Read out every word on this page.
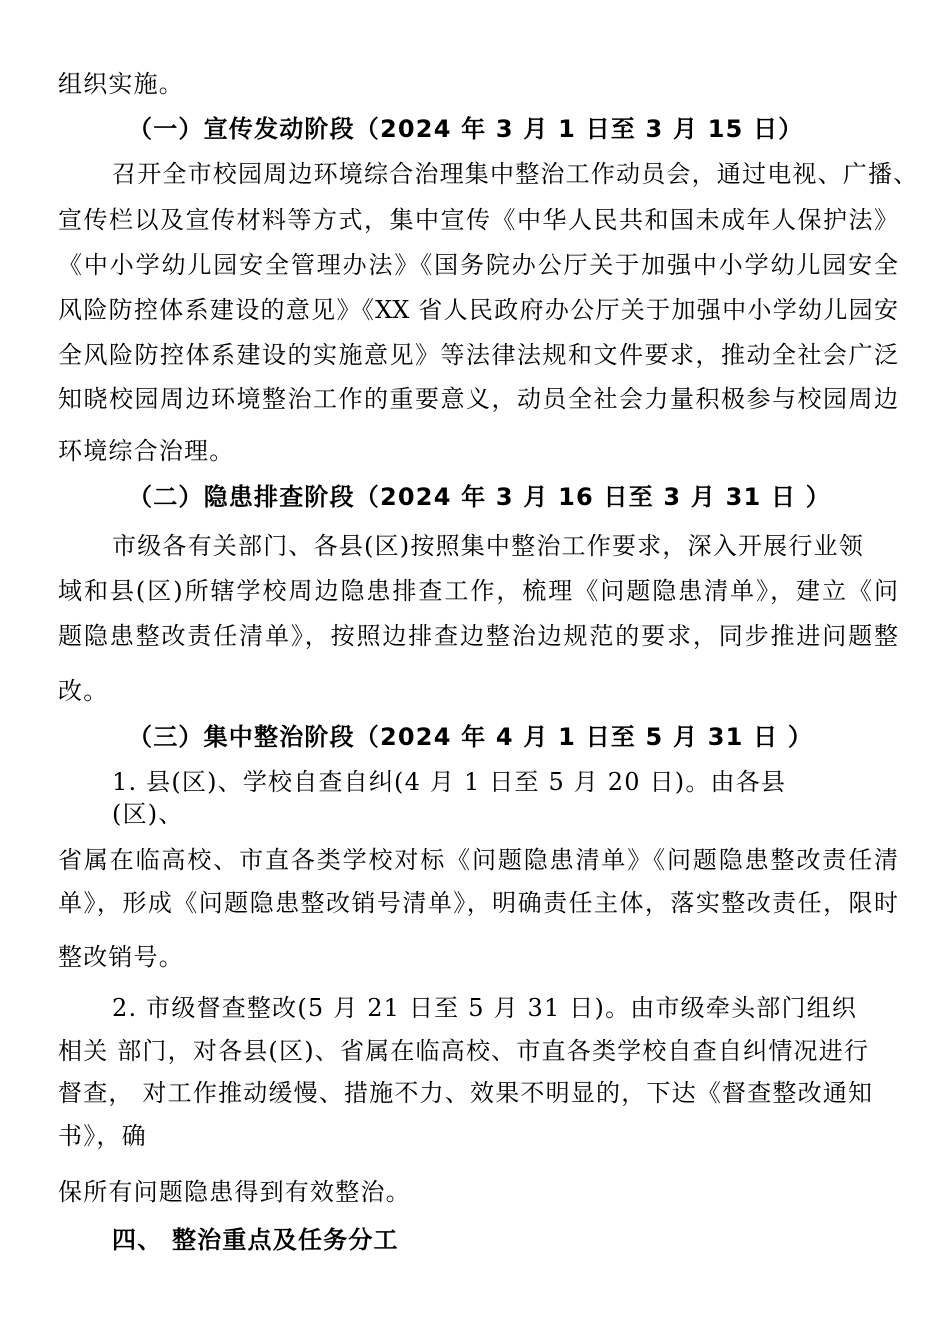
组织实施。
（一）宣传发动阶段（2024 年 3 月 1 日至 3 月 15 日）
召开全市校园周边环境综合治理集中整治工作动员会，通过电视、广播、
宣传栏以及宣传材料等方式，集中宣传《中华人民共和国未成年人保护法》
《中小学幼儿园安全管理办法》《国务院办公厅关于加强中小学幼儿园安全
风险防控体系建设的意见》《XX 省人民政府办公厅关于加强中小学幼儿园安
全风险防控体系建设的实施意见》等法律法规和文件要求，推动全社会广泛
知晓校园周边环境整治工作的重要意义，动员全社会力量积极参与校园周边
环境综合治理。
（二）隐患排查阶段（2024 年 3 月 16 日至 3 月 31 日 ）
市级各有关部门、各县(区)按照集中整治工作要求，深入开展行业领
域和县(区)所辖学校周边隐患排查工作，梳理《问题隐患清单》，建立《问
题隐患整改责任清单》，按照边排查边整治边规范的要求，同步推进问题整
改。
（三）集中整治阶段（2024 年 4 月 1 日至 5 月 31 日 ）
1. 县(区)、学校自查自纠(4 月 1 日至 5 月 20 日)。由各县
(区)、
省属在临高校、市直各类学校对标《问题隐患清单》《问题隐患整改责任清
单》，形成《问题隐患整改销号清单》，明确责任主体，落实整改责任，限时
整改销号。
2. 市级督查整改(5 月 21 日至 5 月 31 日)。由市级牵头部门组织
相关 部门，对各县(区)、省属在临高校、市直各类学校自查自纠情况进行
督查， 对工作推动缓慢、措施不力、效果不明显的，下达《督查整改通知
书》，确
保所有问题隐患得到有效整治。
四、 整治重点及任务分工
